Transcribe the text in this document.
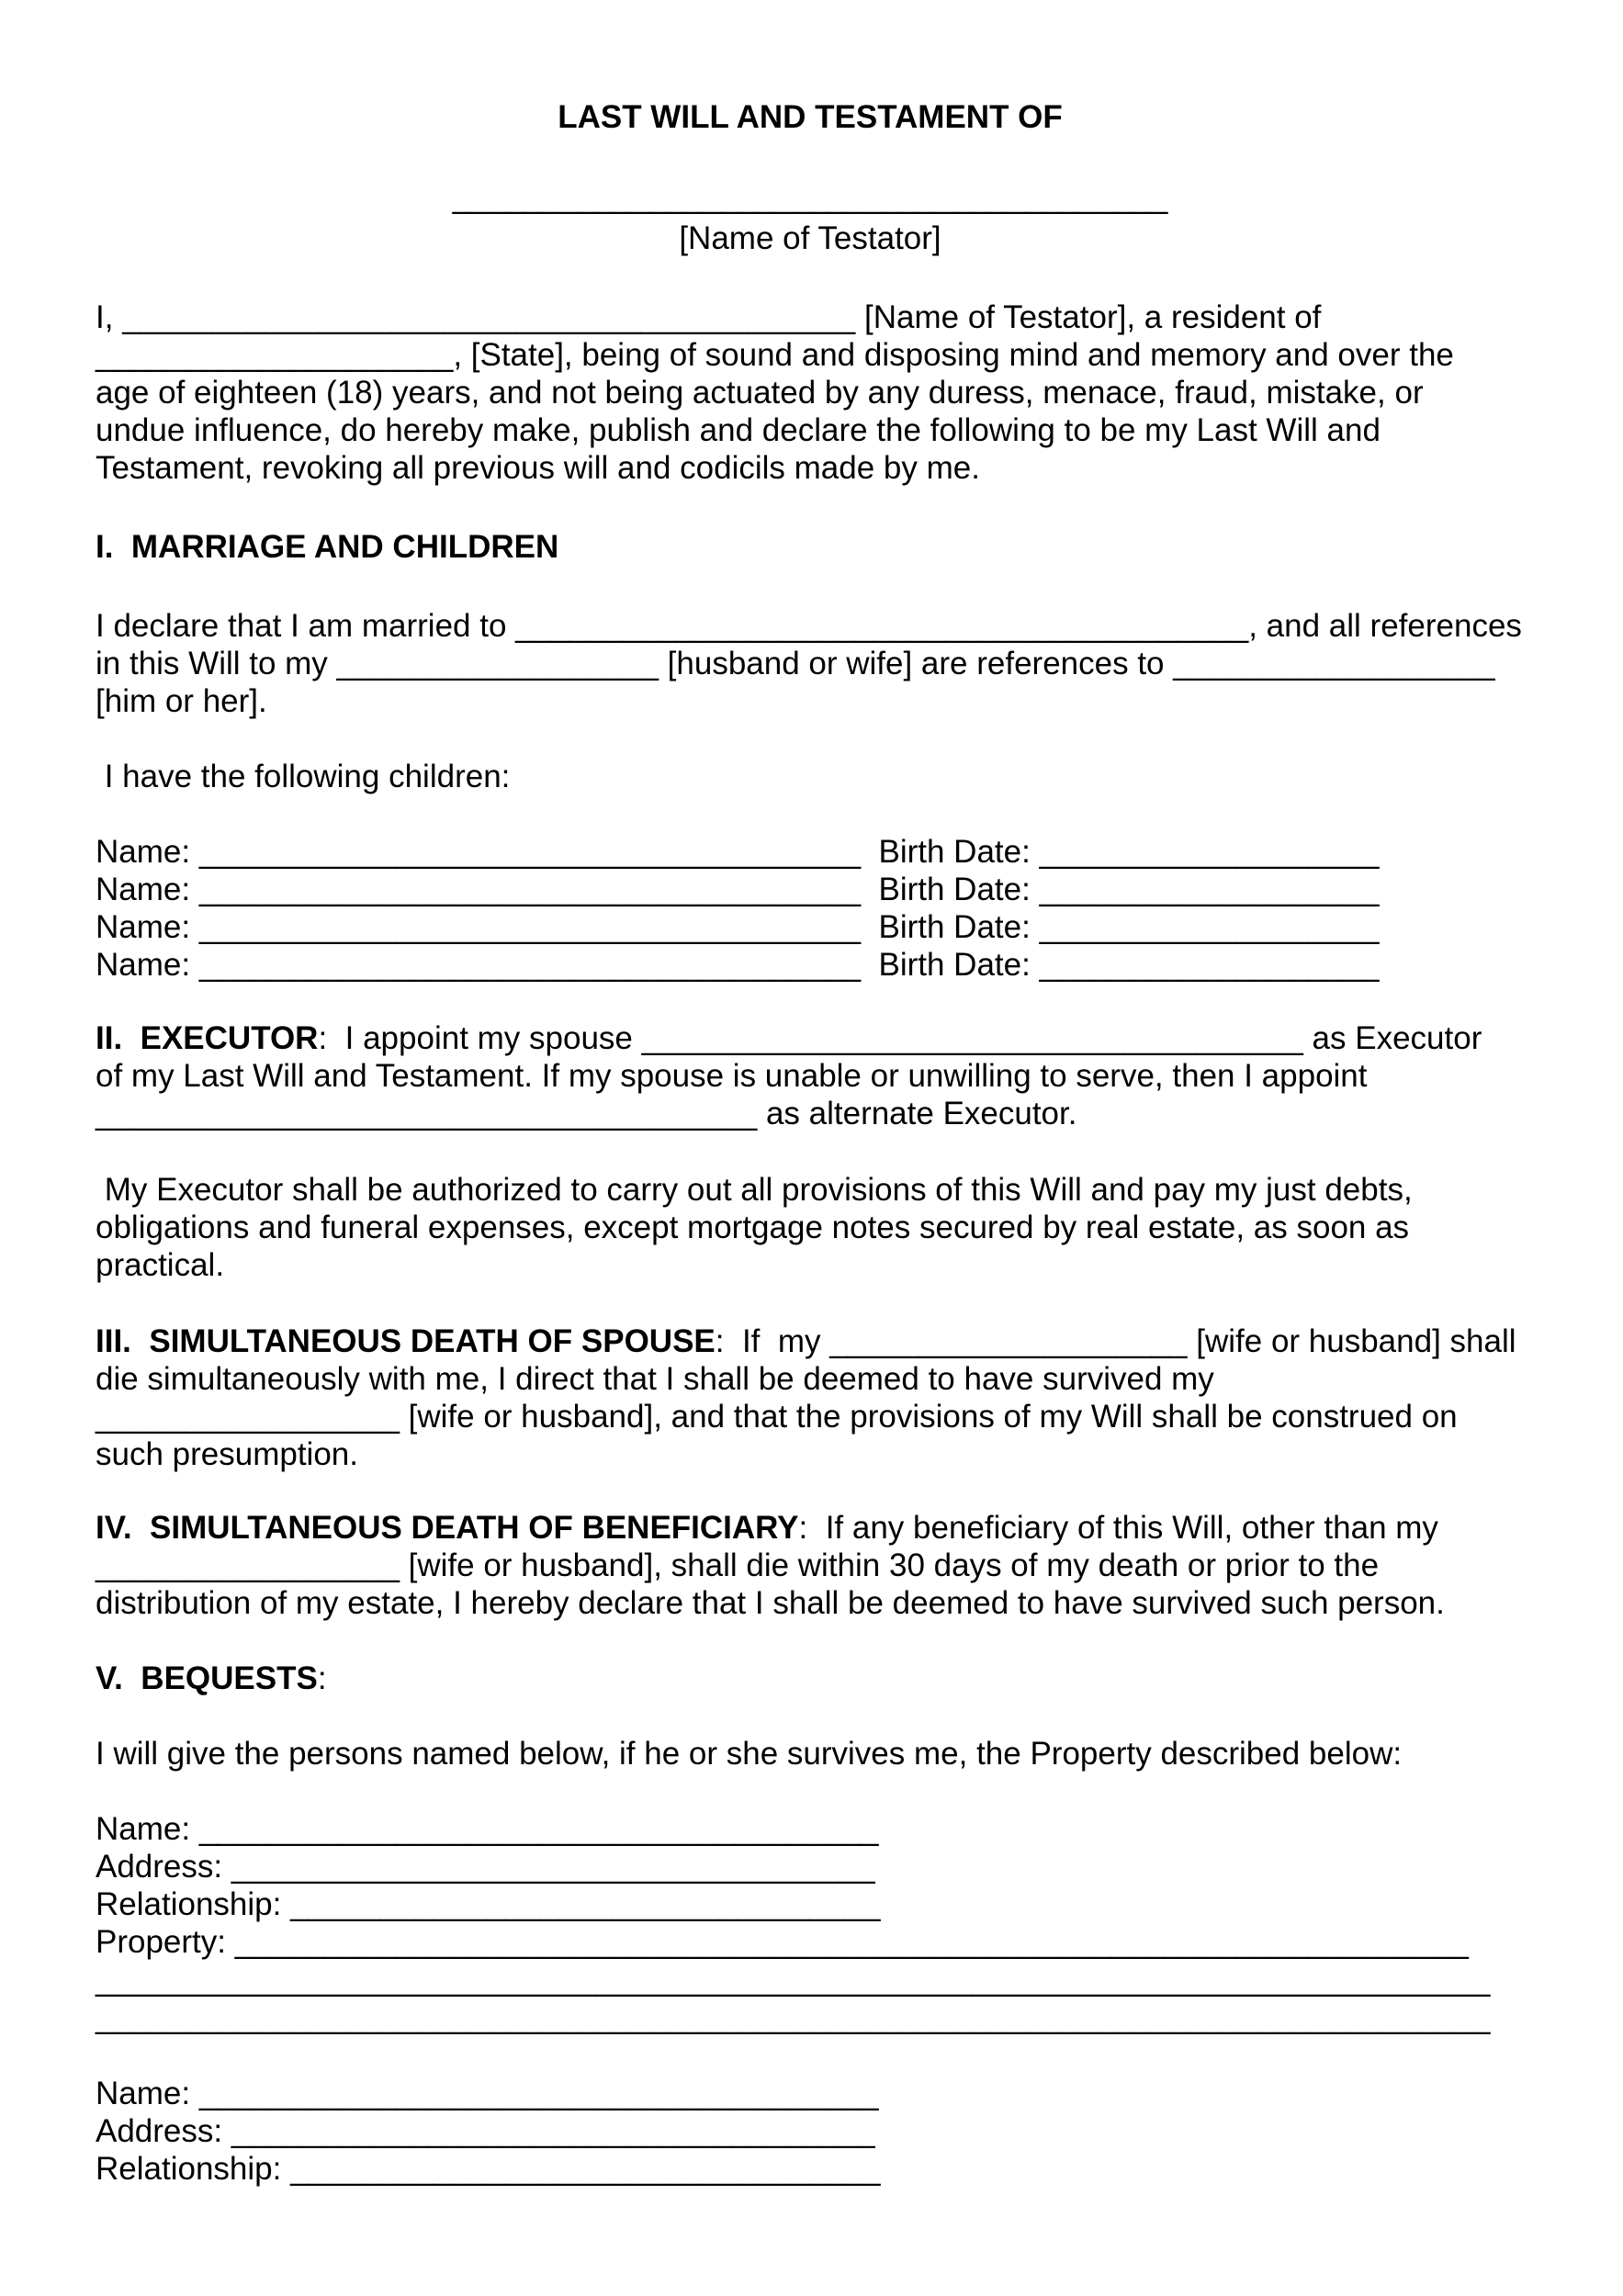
LAST WILL AND TESTAMENT OF
________________________________________
[Name of Testator]
I, _________________________________________ [Name of Testator], a resident of
____________________, [State], being of sound and disposing mind and memory and over the
age of eighteen (18) years, and not being actuated by any duress, menace, fraud, mistake, or
undue influence, do hereby make, publish and declare the following to be my Last Will and
Testament, revoking all previous will and codicils made by me.
I.  MARRIAGE AND CHILDREN
I declare that I am married to _________________________________________, and all references
in this Will to my __________________ [husband or wife] are references to __________________
[him or her].
I have the following children:
Name: _____________________________________  Birth Date: ___________________
Name: _____________________________________  Birth Date: ___________________
Name: _____________________________________  Birth Date: ___________________
Name: _____________________________________  Birth Date: ___________________
II.  EXECUTOR:  I appoint my spouse _____________________________________ as Executor
of my Last Will and Testament. If my spouse is unable or unwilling to serve, then I appoint
_____________________________________ as alternate Executor.
My Executor shall be authorized to carry out all provisions of this Will and pay my just debts,
obligations and funeral expenses, except mortgage notes secured by real estate, as soon as
practical.
III.  SIMULTANEOUS DEATH OF SPOUSE:  If  my ____________________ [wife or husband] shall
die simultaneously with me, I direct that I shall be deemed to have survived my
_________________ [wife or husband], and that the provisions of my Will shall be construed on
such presumption.
IV.  SIMULTANEOUS DEATH OF BENEFICIARY:  If any beneficiary of this Will, other than my
_________________ [wife or husband], shall die within 30 days of my death or prior to the
distribution of my estate, I hereby declare that I shall be deemed to have survived such person.
V.  BEQUESTS:
I will give the persons named below, if he or she survives me, the Property described below:
Name: ______________________________________
Address: ____________________________________
Relationship: _________________________________
Property: _____________________________________________________________________
______________________________________________________________________________
______________________________________________________________________________
Name: ______________________________________
Address: ____________________________________
Relationship: _________________________________
